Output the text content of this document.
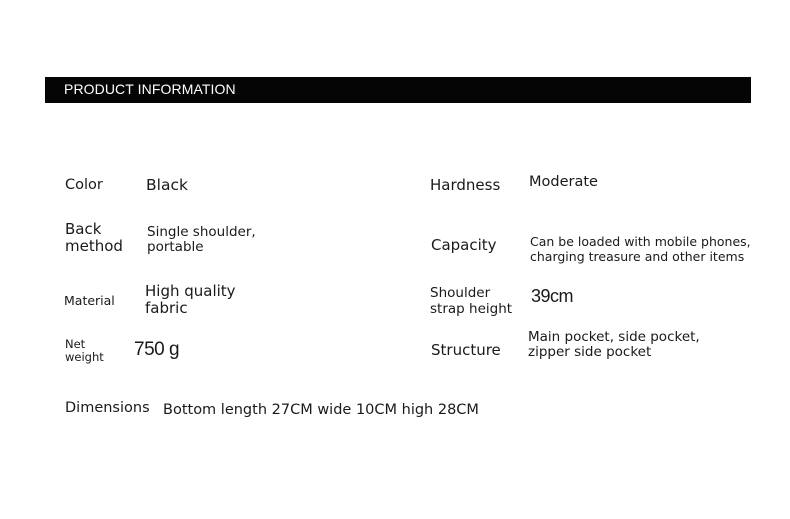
PRODUCT INFORMATION
Color	Black
Back
method
Single shoulder,
portable
Material
High quality
fabric
Net
weight 750 g
Dimensions Bottom length 27CM wide 10CM high 28CM
Hardness Moderate
Capacity	Can be loaded with mobile phones,
charging treasure and other items
Shoulder
strap height
39cm
Structure
Main pocket, side pocket,
zipper side pocket
